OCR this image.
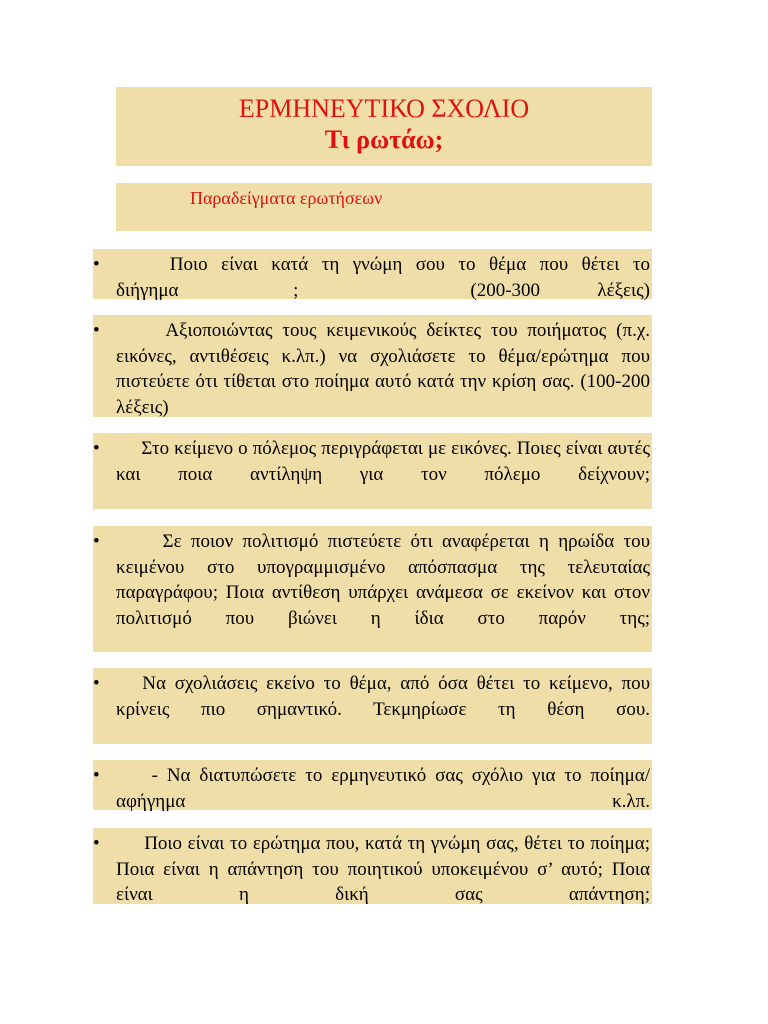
ΕΡΜΗΝΕΥΤΙΚΟ ΣΧΟΛΙΟ
Τι ρωτάω;
Παραδείγματα ερωτήσεων
• Ποιο είναι κατά τη γνώμη σου το θέμα που θέτει το διήγημα  ;   (200-300 λέξεις)
• Αξιοποιώντας τους κειμενικούς δείκτες του ποιήματος (π.χ. εικόνες, αντιθέσεις κ.λπ.) να σχολιάσετε το θέμα/ερώτημα που πιστεύετε ότι τίθεται στο ποίημα αυτό κατά την κρίση σας. (100-200 λέξεις)
• Στο κείμενο ο πόλεμος περιγράφεται με εικόνες. Ποιες είναι αυτές και ποια αντίληψη για τον πόλεμο δείχνουν;
• Σε ποιον πολιτισμό πιστεύετε ότι αναφέρεται η ηρωίδα του κειμένου στο υπογραμμισμένο απόσπασμα της τελευταίας παραγράφου; Ποια αντίθεση υπάρχει ανάμεσα σε εκείνον και στον πολιτισμό που βιώνει η ίδια στο παρόν της;
• Να σχολιάσεις εκείνο το θέμα, από όσα θέτει το κείμενο, που κρίνεις πιο σημαντικό. Τεκμηρίωσε τη θέση σου.
• - Να διατυπώσετε το ερμηνευτικό σας σχόλιο για το ποίημα/αφήγημα κ.λπ.
• Ποιο είναι το ερώτημα που, κατά τη γνώμη σας, θέτει το ποίημα; Ποια είναι η απάντηση του ποιητικού υποκειμένου σ’ αυτό; Ποια είναι η δική σας απάντηση;
